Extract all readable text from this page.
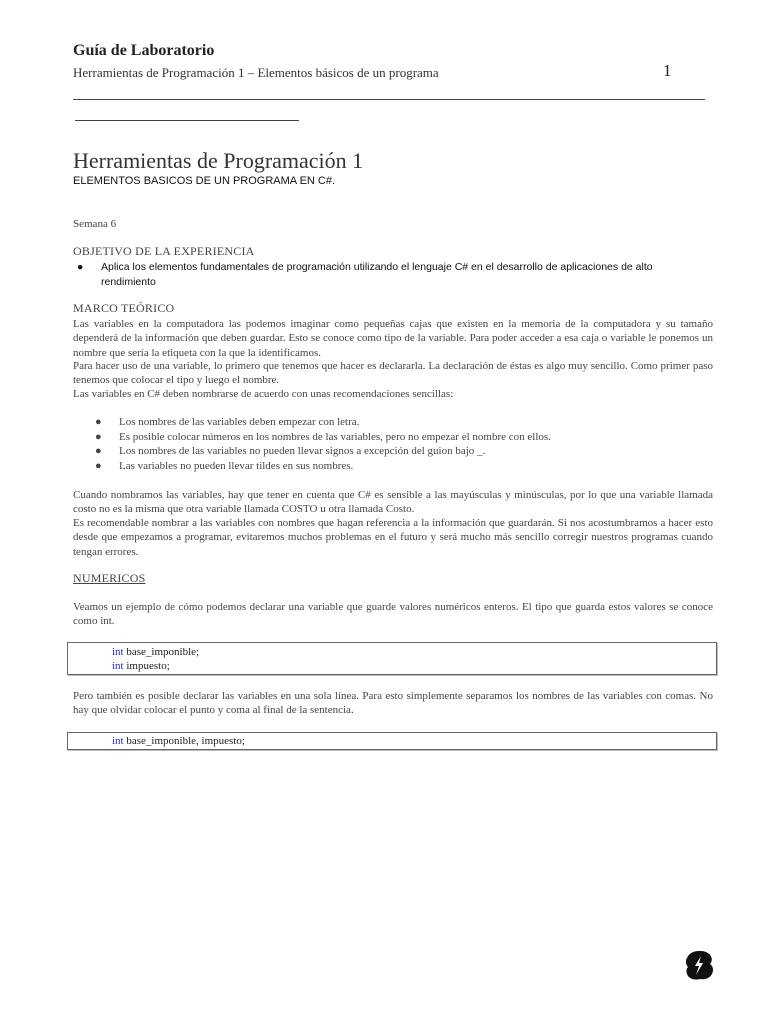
Guía de Laboratorio
Herramientas de Programación 1 – Elementos básicos de un programa	1
Herramientas de Programación 1
ELEMENTOS BASICOS DE UN PROGRAMA EN C#.
Semana 6
OBJETIVO DE LA EXPERIENCIA
● Aplica los elementos fundamentales de programación utilizando el lenguaje C# en el desarrollo de aplicaciones de alto rendimiento
MARCO TEÓRICO

Las variables en la computadora las podemos imaginar como pequeñas cajas que existen en la memoria de la computadora y su tamaño dependerá de la información que deben guardar. Esto se conoce como tipo de la variable. Para poder acceder a esa caja o variable le ponemos un nombre que sería la etiqueta con la que la identificamos.

Para hacer uso de una variable, lo primero que tenemos que hacer es declararla. La declaración de éstas es algo muy sencillo. Como primer paso tenemos que colocar el tipo y luego el nombre.

Las variables en C# deben nombrarse de acuerdo con unas recomendaciones sencillas:

● Los nombres de las variables deben empezar con letra.
● Es posible colocar números en los nombres de las variables, pero no empezar el nombre con ellos.
● Los nombres de las variables no pueden llevar signos a excepción del guion bajo _.
● Las variables no pueden llevar tildes en sus nombres.

Cuando nombramos las variables, hay que tener en cuenta que C# es sensible a las mayúsculas y minúsculas, por lo que una variable llamada costo no es la misma que otra variable llamada COSTO u otra llamada Costo.

Es recomendable nombrar a las variables con nombres que hagan referencia a la información que guardarán. Si nos acostumbramos a hacer esto desde que empezamos a programar, evitaremos muchos problemas en el futuro y será mucho más sencillo corregir nuestros programas cuando tengan errores.

NUMERICOS

Veamos un ejemplo de cómo podemos declarar una variable que guarde valores numéricos enteros. El tipo que guarda estos valores se conoce como int.

int base_imponible;
int impuesto;

Pero también es posible declarar las variables en una sola línea. Para esto simplemente separamos los nombres de las variables con comas. No hay que olvidar colocar el punto y coma al final de la sentencia.

int base_imponible, impuesto;
